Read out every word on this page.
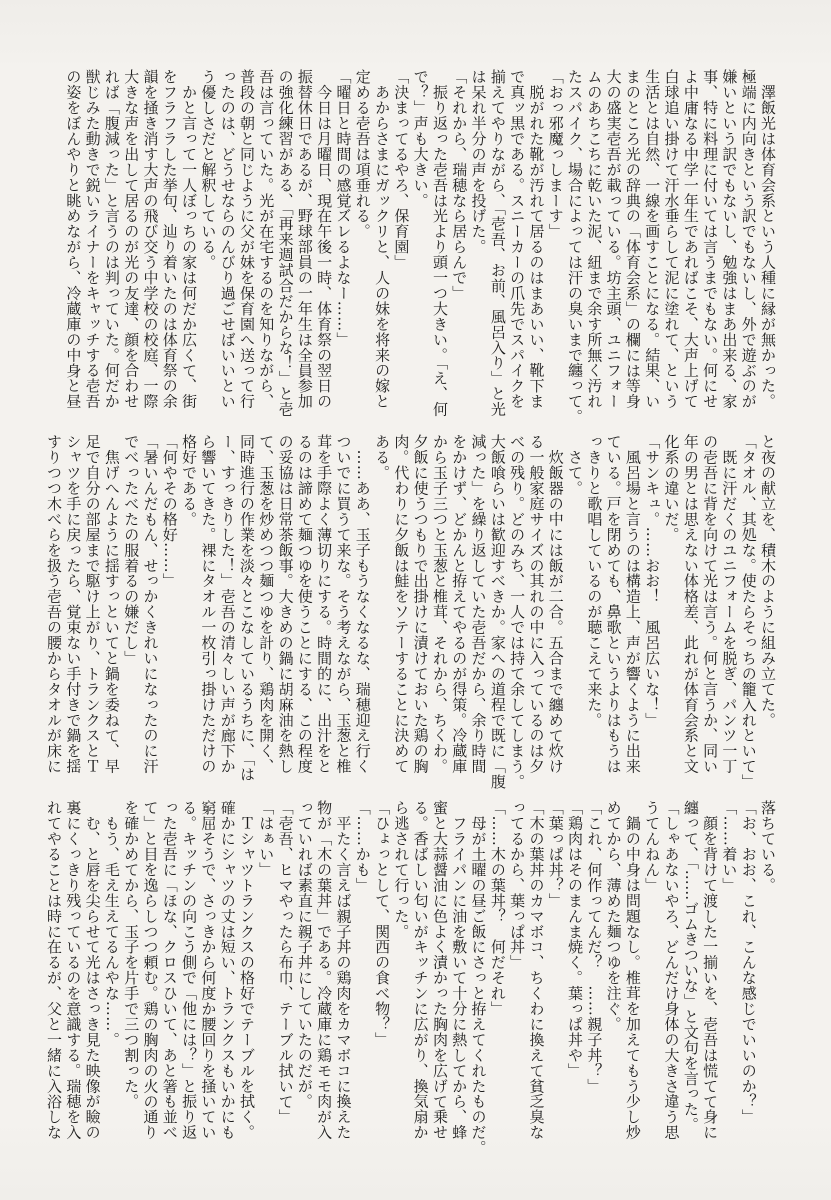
　澤飯光は体育会系という人種に縁が無かった。
極端に内向きという訳でもないし、外で遊ぶのが
嫌いという訳でもないし、勉強はまあ出来る、家
事、特に料理に付いては言うまでもない。何にせ
よ中庸なる中学一年生であればこそ、大声上げて
白球追い掛けて汗水垂らして泥に塗れて、という
生活とは自然、一線を画すことになる。結果、い
まのところ光の辞典の「体育会系」の欄には等身
大の盛実壱吾が載っている。坊主頭、ユニフォー
ムのあちこちに乾いた泥、紐まで余す所無く汚れ
たスパイク、場合によっては汗の臭いまで纏って。
「おっ邪魔っしまーす」
　脱がれた靴が汚れて居るのはまあいい、靴下ま
で真ッ黒である。スニーカーの爪先でスパイクを
揃えてやりながら、「壱吾、お前、風呂入り」と光
は呆れ半分の声を投げた。
「それから、瑞穂なら居らんで」
　振り返った壱吾は光より頭一つ大きい。「え、何
で？」声も大きい。
「決まってるやろ、保育園」
　あからさまにガックリと、人の妹を将来の嫁と
定める壱吾は項垂れる。
「曜日と時間の感覚ズレるよなー……」
　今日は月曜日、現在午後一時、体育祭の翌日の
振替休日であるが、野球部員の一年生は全員参加
の強化練習がある、「再来週試合だからな！」と壱
吾は言っていた。光が在宅するのを知りながら、
普段の朝と同じように父が妹を保育園へ送って行
ったのは、どうせならのんびり過ごせばいいとい
う優しさだと解釈している。
　かと言って一人ぼっちの家は何だか広くて、街
をフラフラした挙句、辿り着いたのは体育祭の余
韻を掻き消す大声の飛び交う中学校の校庭、一際
大きな声を出して居るのが光の友達、顔を合わせ
れば「腹減った」と言うのは判っていた。何だか
獣じみた動きで鋭いライナーをキャッチする壱吾
の姿をぼんやりと眺めながら、冷蔵庫の中身と昼
と夜の献立を、積木のように組み立てた。
「タオル、其処な。使たらそっちの籠入れといて」
　既に汗だくのユニフォームを脱ぎ、パンツ一丁
の壱吾に背を向けて光は言う。何と言うか、同い
年の男とは思えない体格差、此れが体育会系と文
化系の違いだ。
「サンキュ。……おお！　風呂広いな！」
　風呂場と言うのは構造上、声が響くように出来
ている。戸を閉めても、鼻歌というよりはもうは
っきりと歌唱しているのが聴こえて来た。
　さて。
　炊飯器の中には飯が二合。五合まで纏めて炊け
る一般家庭サイズの其れの中に入っているのは夕
べの残り。どのみち、一人では持て余してしまう。
大飯喰らいは歓迎すべきか。家への道程で既に「腹
減った」を繰り返していた壱吾だから、余り時間
をかけず、どかんと拵えてやるのが得策。冷蔵庫
から玉子三つと玉葱と椎茸、それから、ちくわ。
夕飯に使うつもりで出掛けに漬けておいた鶏の胸
肉。代わりに夕飯は鮭をソテーすることに決めて
ある。
　……ああ、玉子もうなくなるな、瑞穂迎え行く
ついでに買うて来な。そう考えながら、玉葱と椎
茸を手際よく薄切りにする。時間的に、出汁をと
るのは諦めて麺つゆを使うことにする、この程度
の妥協は日常茶飯事。大きめの鍋に胡麻油を熱し
て、玉葱を炒めつつ麺つゆを計り、鶏肉を開く、
同時進行の作業を淡々とこなしているうちに、「は
ー、すっきりした！」壱吾の清々しい声が廊下か
ら響いてきた。裸にタオル一枚引っ掛けただけの
格好である。
「何やその格好……」
「暑いんだもん、せっかくきれいになったのに汗
でべったべたの服着るの嫌だし」
　焦げへんように揺すっといてと鍋を委ねて、早
足で自分の部屋まで駆け上がり、トランクスとＴ
シャツを手に戻ったら、覚束ない手付きで鍋を揺
すりつつ木べらを扱う壱吾の腰からタオルが床に
落ちている。
「お、おお、これ、こんな感じでいいのか？」
「……着い」
　顔を背けて渡した一揃いを、壱吾は慌てて身に
纏って、「……ゴムきついな」と文句を言った。
「しゃあないやろ、どんだけ身体の大きさ違う思
うてんねん」
　鍋の中身は問題なし。椎茸を加えてもう少し炒
めてから、薄めた麺つゆを注ぐ。
「これ、何作ってんだ？　……親子丼？」
「鶏肉はそのまんま焼く。葉っぱ丼や」
「葉っぱ丼？」
「木の葉丼のカマボコ、ちくわに換えて貧乏臭な
ってるから、葉っぱ丼」
「……木の葉丼？　何だそれ」
　母が土曜の昼ご飯にさっと拵えてくれたものだ。
　フライパンに油を敷いて十分に熱してから、蜂
蜜と大蒜醤油に色よく漬かった胸肉を広げて乗せ
る。香ばしい匂いがキッチンに広がり、換気扇か
ら逃されて行った。
「ひょっとして、関西の食べ物？」
「……かも」
　平たく言えば親子丼の鶏肉をカマボコに換えた
物が「木の葉丼」である。冷蔵庫に鶏モモ肉が入
っていれば素直に親子丼にしていたのだが。
「壱吾、ヒマやったら布巾、テーブル拭いて」
「はぁい」
　Ｔシャツトランクスの格好でテーブルを拭く。
確かにシャツの丈は短い、トランクスもいかにも
窮屈そうで、さっきから何度か腰回りを掻いてい
る。キッチンの向こう側で「他には？」と振り返
った壱吾に「ほな、クロスひいて、あと箸も並べ
て」と目を逸らしつつ頼む。鶏の胸肉の火の通り
を確かめてから、玉子を片手で三つ割った。
　もう、毛え生えてるんやな……。
　む、と唇を尖らせて光はさっき見た映像が瞼の
裏にくっきり残っているのを意識する。瑞穂を入
れてやることは時に在るが、父と一緒に入浴しな
